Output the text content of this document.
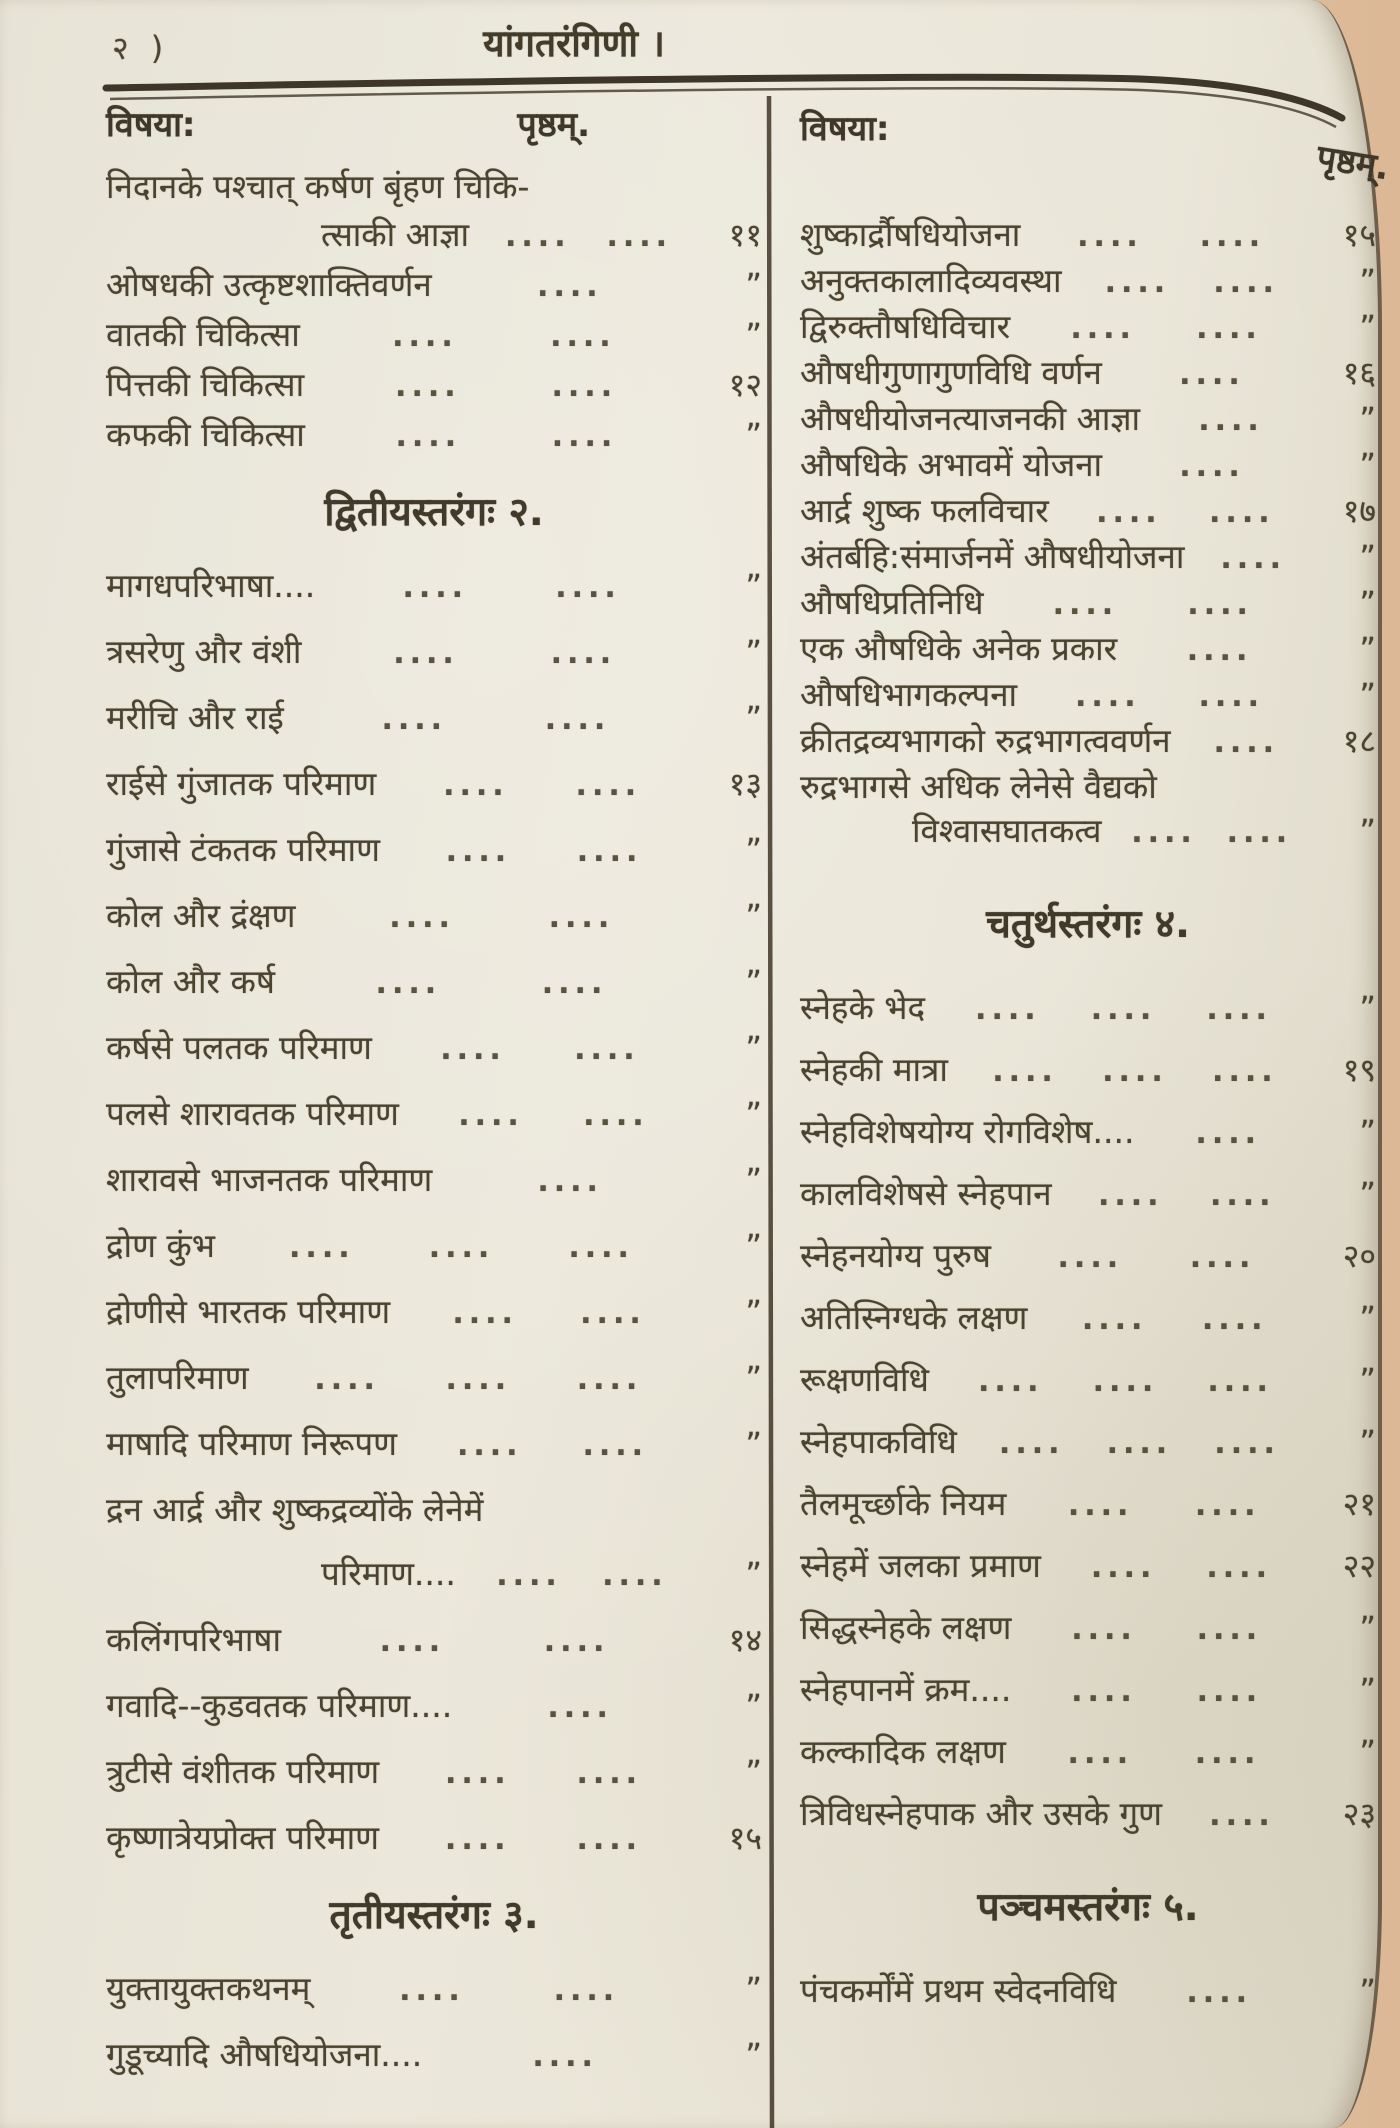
२ )	यांगतरंगिणी ।
विषया:	पृष्ठम्.
निदानके पश्चात् कर्षण बृंहण चिकि-
त्साकी आज्ञा .... ....	११
ओषधकी उत्कृष्टशाक्तिवर्णन	....	”
वातकी चिकित्सा	....	....	”
पित्तकी चिकित्सा	....	....	१२
कफकी चिकित्सा	....	....	”
द्वितीयस्तरंगः २.
मागधपरिभाषा....	....	....	”
त्रसरेणु और वंशी	....	....	”
मरीचि और राई	....	....	”
राईसे गुंजातक परिमाण .... ....	१३
गुंजासे टंकतक परिमाण .... ....	”
कोल और द्रंक्षण	....	....	”
कोल और कर्ष	....	....	”
कर्षसे पलतक परिमाण .... ....	”
पलसे शारावतक परिमाण .... ....	”
शारावसे भाजनतक परिमाण	....	”
द्रोण कुंभ .... .... ....	”
द्रोणीसे भारतक परिमाण .... ....	”
तुलापरिमाण .... .... ....	”
माषादि परिमाण निरूपण .... ....	”
द्रन आर्द्र और शुष्कद्रव्योंके लेनेमें
परिमाण.... .... ....	”
कलिंगपरिभाषा	....	....	१४
गवादि--कुडवतक परिमाण....	....	”
त्रुटीसे वंशीतक परिमाण .... ....	”
कृष्णात्रेयप्रोक्त परिमाण .... ....	१५
तृतीयस्तरंगः ३.
युक्तायुक्तकथनम्	....	....	”
गुडूच्यादि औषधियोजना....	....	”
विषया:
पृष्ठम्.
शुष्कार्द्रौषधियोजना .... ....	१५
अनुक्तकालादिव्यवस्था .... ....	”
द्विरुक्तौषधिविचार .... ....	”
औषधीगुणागुणविधि वर्णन	....	१६
औषधीयोजनत्याजनकी आज्ञा ....	”
औषधिके अभावमें योजना	....	”
आर्द्र शुष्क फलविचार .... ....	१७
अंतर्बहि:संमार्जनमें औषधीयोजना ....	”
औषधिप्रतिनिधि .... ....	”
एक औषधिके अनेक प्रकार ....	”
औषधिभागकल्पना .... ....	”
क्रीतद्रव्यभागको रुद्रभागत्ववर्णन ....	१८
रुद्रभागसे अधिक लेनेसे वैद्यको
विश्वासघातकत्व .... ....	”
चतुर्थस्तरंगः ४.
स्नेहके भेद .... .... ....	”
स्नेहकी मात्रा .... .... ....	१९
स्नेहविशेषयोग्य रोगविशेष.... ....	”
कालविशेषसे स्नेहपान .... ....	”
स्नेहनयोग्य पुरुष .... ....	२०
अतिस्निग्धके लक्षण .... ....	”
रूक्षणविधि .... .... ....	”
स्नेहपाकविधि .... .... ....	”
तैलमूर्च्छाके नियम .... ....	२१
स्नेहमें जलका प्रमाण .... ....	२२
सिद्धस्नेहके लक्षण .... ....	”
स्नेहपानमें क्रम.... .... ....	”
कल्कादिक लक्षण .... ....	”
त्रिविधस्नेहपाक और उसके गुण ....	२३
पञ्चमस्तरंगः ५.
पंचकर्मोंमें प्रथम स्वेदनविधि ....	”
